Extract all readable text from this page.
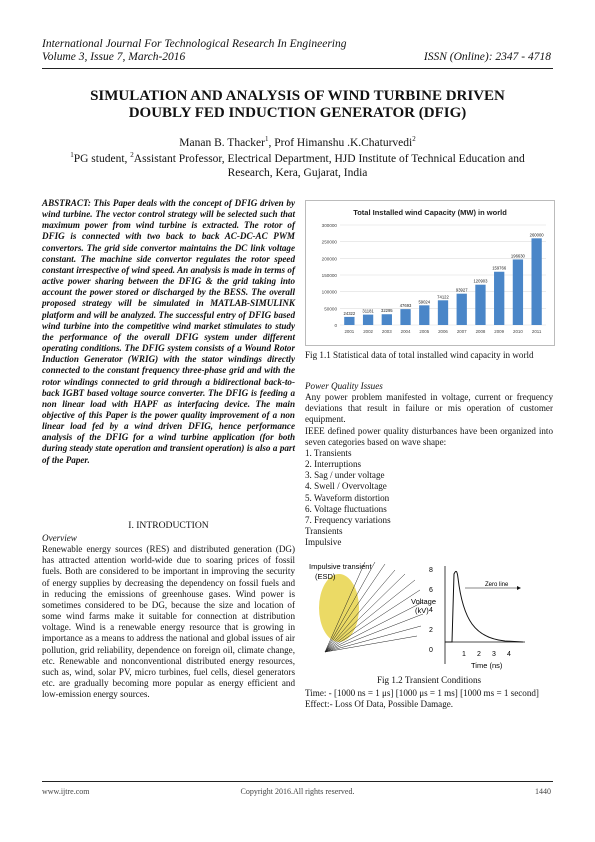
International Journal For Technological Research In Engineering
Volume 3, Issue 7, March-2016	ISSN (Online): 2347 - 4718
SIMULATION AND ANALYSIS OF WIND TURBINE DRIVEN
DOUBLY FED INDUCTION GENERATOR (DFIG)
Manan B. Thacker$^1$, Prof Himanshu .K.Chaturvedi$^2$
$^1$PG student, $^2$Assistant Professor, Electrical Department, HJD Institute of Technical Education and
Research, Kera, Gujarat, India
ABSTRACT: This Paper deals with the concept of DFIG driven by wind turbine. The vector control strategy will be selected such that maximum power from wind turbine is extracted. The rotor of DFIG is connected with two back to back AC-DC-AC PWM convertors. The grid side convertor maintains the DC link voltage constant. The machine side convertor regulates the rotor speed constant irrespective of wind speed. An analysis is made in terms of active power sharing between the DFIG & the grid taking into account the power stored or discharged by the BESS. The overall proposed strategy will be simulated in MATLAB-SIMULINK platform and will be analyzed. The successful entry of DFIG based wind turbine into the competitive wind market stimulates to study the performance of the overall DFIG system under different operating conditions. The DFIG system consists of a Wound Rotor Induction Generator (WRIG) with the stator windings directly connected to the constant frequency three-phase grid and with the rotor windings connected to grid through a bidirectional back-to-back IGBT based voltage source converter. The DFIG is feeding a non linear load with HAPF as interfacing device. The main objective of this Paper is the power quality improvement of a non linear load fed by a wind driven DFIG, hence performance analysis of the DFIG for a wind turbine application (for both during steady state operation and transient operation) is also a part of the Paper.
I. INTRODUCTION
Overview
Renewable energy sources (RES) and distributed generation (DG) has attracted attention world-wide due to soaring prices of fossil fuels. Both are considered to be important in improving the security of energy supplies by decreasing the dependency on fossil fuels and in reducing the emissions of greenhouse gases. Wind power is sometimes considered to be DG, because the size and location of some wind farms make it suitable for connection at distribution voltage. Wind is a renewable energy resource that is growing in importance as a means to address the national and global issues of air pollution, grid reliability, dependence on foreign oil, climate change, etc. Renewable and nonconventional distributed energy resources, such as, wind, solar PV, micro turbines, fuel cells, diesel generators etc. are gradually becoming more popular as energy efficient and low-emission energy sources.
Total Installed wind Capacity (MW) in world
0
50000
100000
150000
200000
250000
300000
24322
2001
31181
2002
32295
2003
47693
2004
59024
2005
74122
2006
93927
2007
120903
2008
159766
2009
196630
2010
260000
2011
Fig 1.1 Statistical data of total installed wind capacity in world
Power Quality Issues
Any power problem manifested in voltage, current or frequency deviations that result in failure or mis operation of customer equipment.
IEEE defined power quality disturbances have been organized into seven categories based on wave shape:
1. Transients
2. Interruptions
3. Sag / under voltage
4. Swell / Overvoltage
5. Waveform distortion
6. Voltage fluctuations
7. Frequency variations
Transients
Impulsive
Impulsive transient
(ESD)
Voltage
(kV)
Zero line
8
6
4
2
0
1 2 3 4
Time (ns)
Fig 1.2 Transient Conditions
Time: - [1000 ns = 1 μs] [1000 μs = 1 ms] [1000 ms = 1 second]
Effect:- Loss Of Data, Possible Damage.
www.ijtre.com	Copyright 2016.All rights reserved.	1440
